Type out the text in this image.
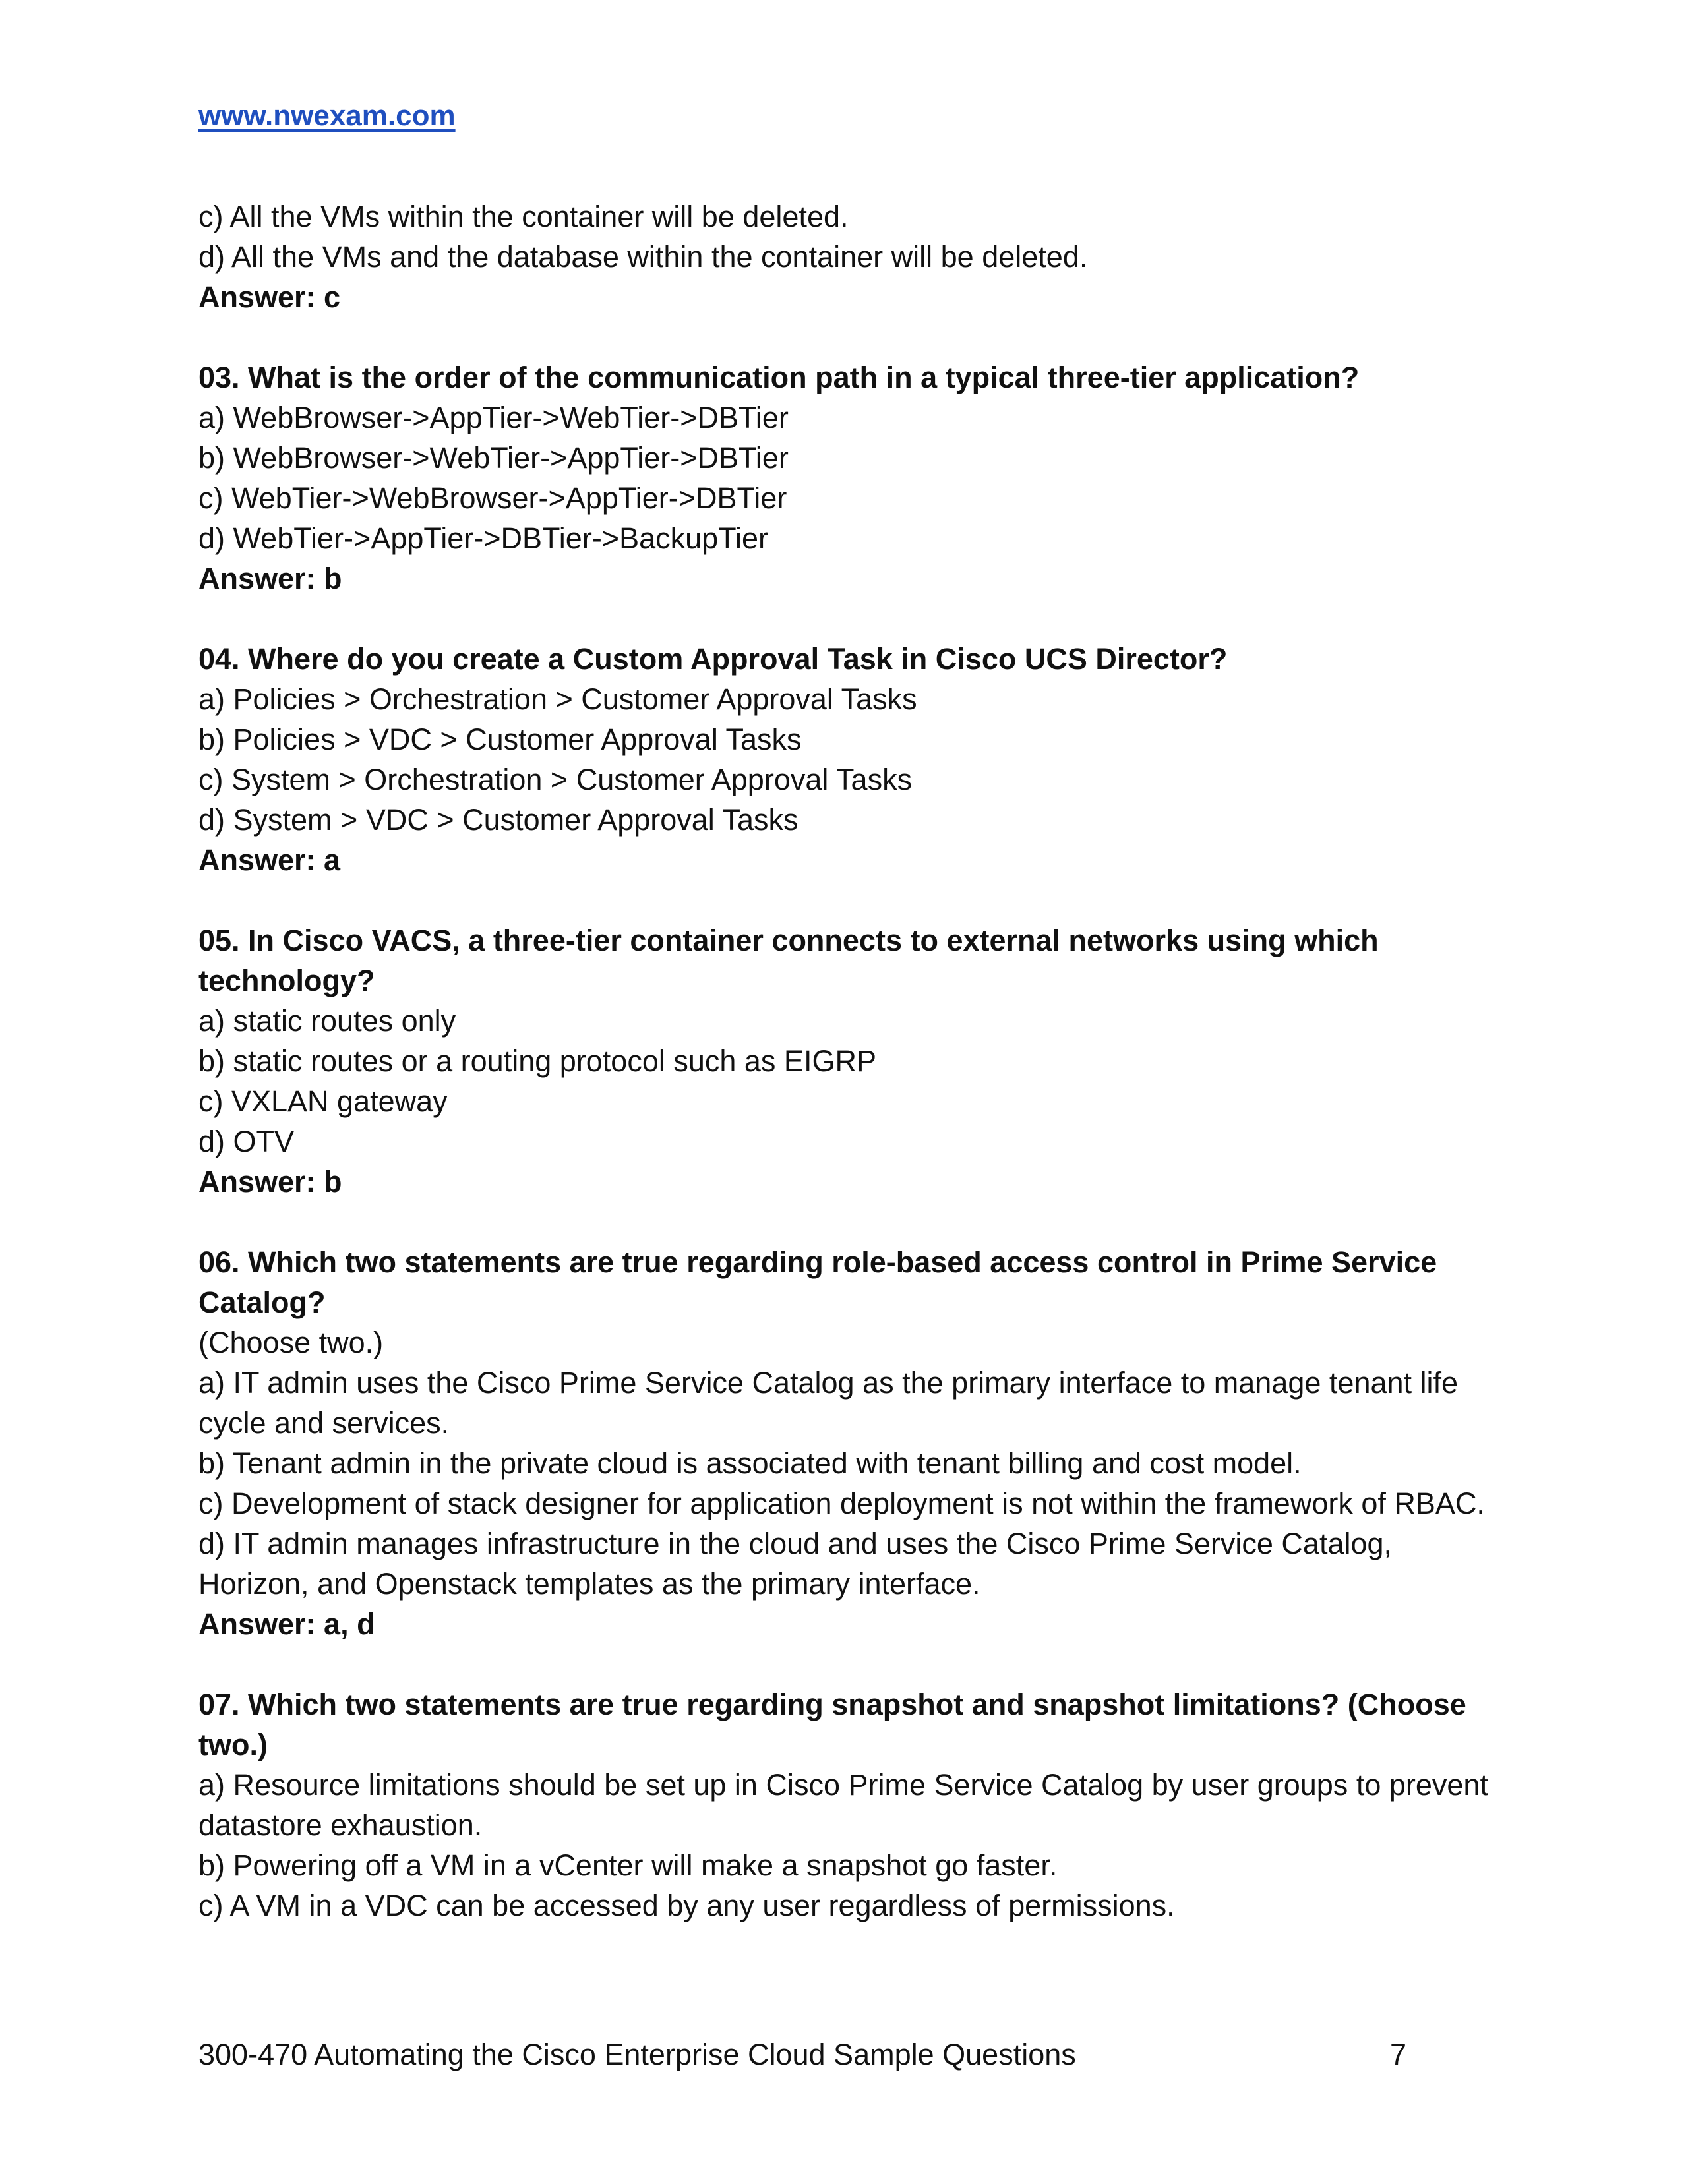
www.nwexam.com

c) All the VMs within the container will be deleted.

d) All the VMs and the database within the container will be deleted.

Answer: c

03. What is the order of the communication path in a typical three-tier application?

a) WebBrowser->AppTier->WebTier->DBTier

b) WebBrowser->WebTier->AppTier->DBTier

c) WebTier->WebBrowser->AppTier->DBTier

d) WebTier->AppTier->DBTier->BackupTier

Answer: b

04. Where do you create a Custom Approval Task in Cisco UCS Director?

a) Policies > Orchestration > Customer Approval Tasks

b) Policies > VDC > Customer Approval Tasks

c) System > Orchestration > Customer Approval Tasks

d) System > VDC > Customer Approval Tasks

Answer: a

05. In Cisco VACS, a three-tier container connects to external networks using which technology?

a) static routes only

b) static routes or a routing protocol such as EIGRP

c) VXLAN gateway

d) OTV

Answer: b

06. Which two statements are true regarding role-based access control in Prime Service Catalog?

(Choose two.)

a) IT admin uses the Cisco Prime Service Catalog as the primary interface to manage tenant life cycle and services.

b) Tenant admin in the private cloud is associated with tenant billing and cost model.

c) Development of stack designer for application deployment is not within the framework of RBAC.

d) IT admin manages infrastructure in the cloud and uses the Cisco Prime Service Catalog, Horizon, and Openstack templates as the primary interface.

Answer: a, d

07. Which two statements are true regarding snapshot and snapshot limitations? (Choose two.)

a) Resource limitations should be set up in Cisco Prime Service Catalog by user groups to prevent datastore exhaustion.

b) Powering off a VM in a vCenter will make a snapshot go faster.

c) A VM in a VDC can be accessed by any user regardless of permissions.

300-470 Automating the Cisco Enterprise Cloud Sample Questions	7
